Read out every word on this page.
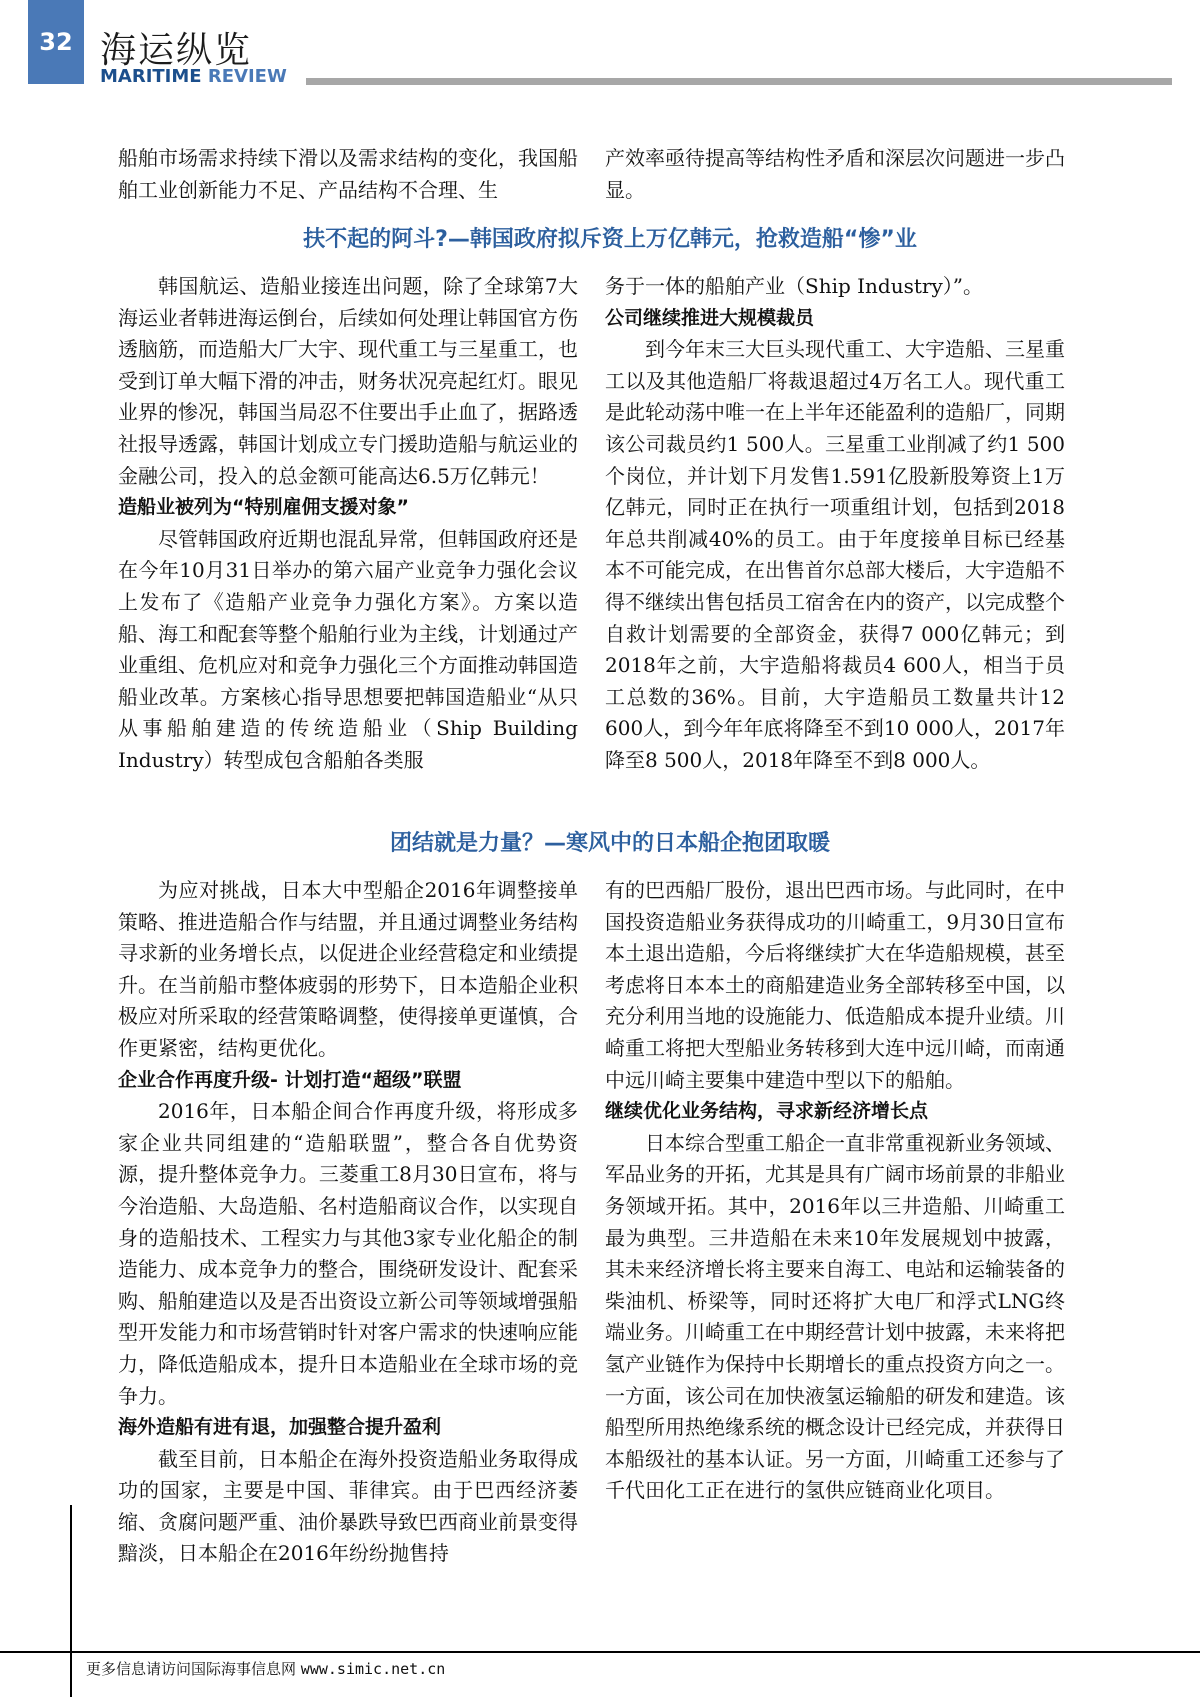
32 海运纵览
MARITIME REVIEW

船舶市场需求持续下滑以及需求结构的变化，我国船舶工业创新能力不足、产品结构不合理、生

产效率亟待提高等结构性矛盾和深层次问题进一步凸显。

扶不起的阿斗?—韩国政府拟斥资上万亿韩元，抢救造船“惨”业

韩国航运、造船业接连出问题，除了全球第7大海运业者韩进海运倒台，后续如何处理让韩国官方伤透脑筋，而造船大厂大宇、现代重工与三星重工，也受到订单大幅下滑的冲击，财务状况亮起红灯。眼见业界的惨况，韩国当局忍不住要出手止血了，据路透社报导透露，韩国计划成立专门援助造船与航运业的金融公司，投入的总金额可能高达6.5万亿韩元！

造船业被列为“特别雇佣支援对象”

尽管韩国政府近期也混乱异常，但韩国政府还是在今年10月31日举办的第六届产业竞争力强化会议上发布了《造船产业竞争力强化方案》。方案以造船、海工和配套等整个船舶行业为主线，计划通过产业重组、危机应对和竞争力强化三个方面推动韩国造船业改革。方案核心指导思想要把韩国造船业“从只从事船舶建造的传统造船业（Ship Building Industry）转型成包含船舶各类服

务于一体的船舶产业（Ship Industry）”。

公司继续推进大规模裁员

到今年末三大巨头现代重工、大宇造船、三星重工以及其他造船厂将裁退超过4万名工人。现代重工是此轮动荡中唯一在上半年还能盈利的造船厂，同期该公司裁员约1 500人。三星重工业削减了约1 500个岗位，并计划下月发售1.591亿股新股筹资上1万亿韩元，同时正在执行一项重组计划，包括到2018年总共削减40%的员工。由于年度接单目标已经基本不可能完成，在出售首尔总部大楼后，大宇造船不得不继续出售包括员工宿舍在内的资产，以完成整个自救计划需要的全部资金，获得7 000亿韩元；到2018年之前，大宇造船将裁员4 600人，相当于员工总数的36%。目前，大宇造船员工数量共计12 600人，到今年年底将降至不到10 000人，2017年降至8 500人，2018年降至不到8 000人。

团结就是力量？—寒风中的日本船企抱团取暖

为应对挑战，日本大中型船企2016年调整接单策略、推进造船合作与结盟，并且通过调整业务结构寻求新的业务增长点，以促进企业经营稳定和业绩提升。在当前船市整体疲弱的形势下，日本造船企业积极应对所采取的经营策略调整，使得接单更谨慎，合作更紧密，结构更优化。

企业合作再度升级- 计划打造“超级”联盟

2016年，日本船企间合作再度升级，将形成多家企业共同组建的“造船联盟”，整合各自优势资源，提升整体竞争力。三菱重工8月30日宣布，将与今治造船、大岛造船、名村造船商议合作，以实现自身的造船技术、工程实力与其他3家专业化船企的制造能力、成本竞争力的整合，围绕研发设计、配套采购、船舶建造以及是否出资设立新公司等领域增强船型开发能力和市场营销时针对客户需求的快速响应能力，降低造船成本，提升日本造船业在全球市场的竞争力。

海外造船有进有退，加强整合提升盈利

截至目前，日本船企在海外投资造船业务取得成功的国家，主要是中国、菲律宾。由于巴西经济萎缩、贪腐问题严重、油价暴跌导致巴西商业前景变得黯淡，日本船企在2016年纷纷抛售持

有的巴西船厂股份，退出巴西市场。与此同时，在中国投资造船业务获得成功的川崎重工，9月30日宣布本土退出造船，今后将继续扩大在华造船规模，甚至考虑将日本本土的商船建造业务全部转移至中国，以充分利用当地的设施能力、低造船成本提升业绩。川崎重工将把大型船业务转移到大连中远川崎，而南通中远川崎主要集中建造中型以下的船舶。

继续优化业务结构，寻求新经济增长点

日本综合型重工船企一直非常重视新业务领域、军品业务的开拓，尤其是具有广阔市场前景的非船业务领域开拓。其中，2016年以三井造船、川崎重工最为典型。三井造船在未来10年发展规划中披露，其未来经济增长将主要来自海工、电站和运输装备的柴油机、桥梁等，同时还将扩大电厂和浮式LNG终端业务。川崎重工在中期经营计划中披露，未来将把氢产业链作为保持中长期增长的重点投资方向之一。一方面，该公司在加快液氢运输船的研发和建造。该船型所用热绝缘系统的概念设计已经完成，并获得日本船级社的基本认证。另一方面，川崎重工还参与了千代田化工正在进行的氢供应链商业化项目。

更多信息请访问国际海事信息网 www.simic.net.cn
